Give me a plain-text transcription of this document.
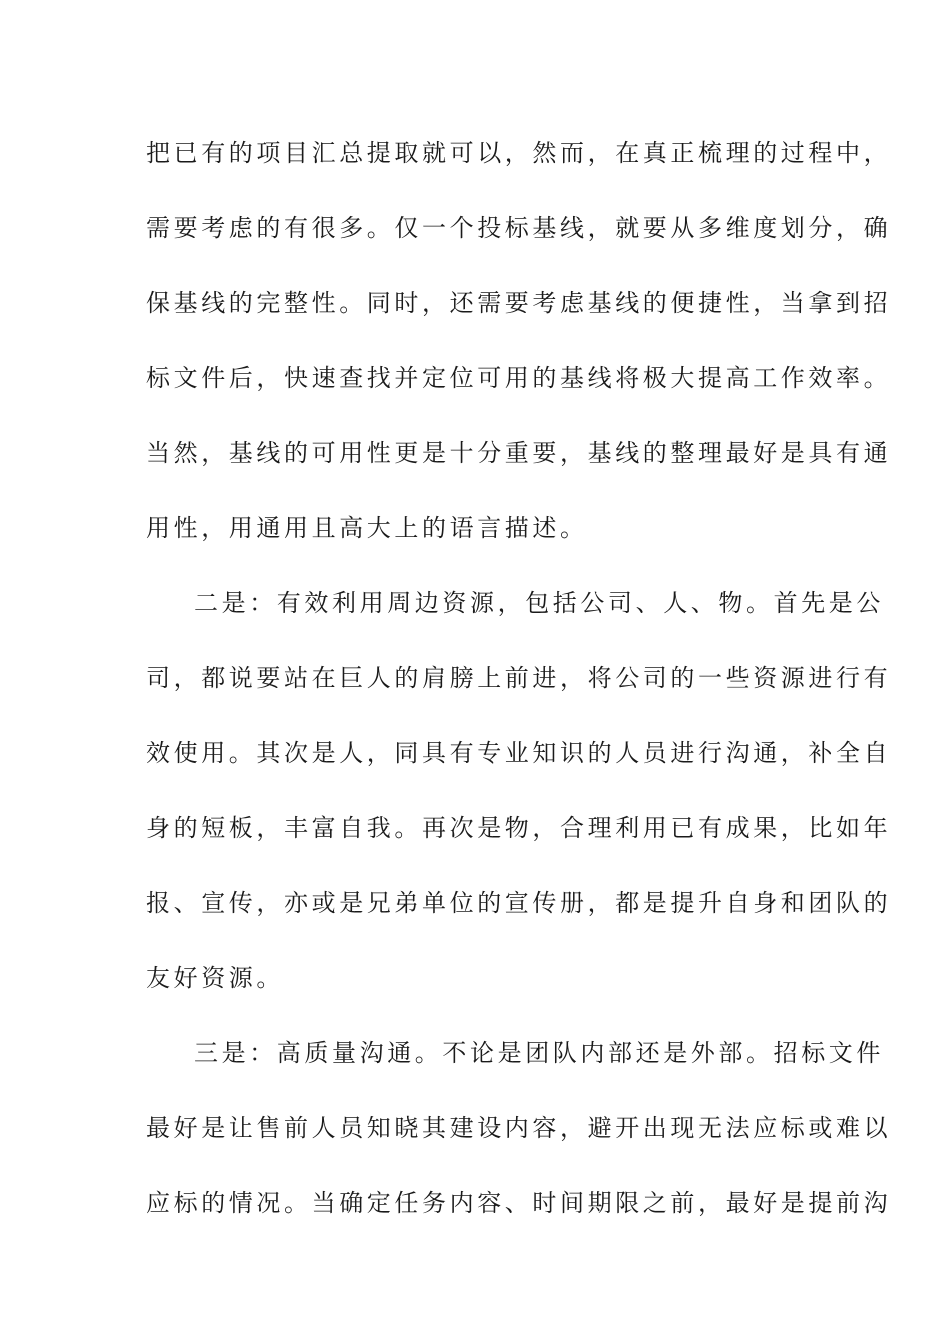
把已有的项目汇总提取就可以，然而，在真正梳理的过程中，
需要考虑的有很多。仅一个投标基线，就要从多维度划分，确
保基线的完整性。同时，还需要考虑基线的便捷性，当拿到招
标文件后，快速查找并定位可用的基线将极大提高工作效率。
当然，基线的可用性更是十分重要，基线的整理最好是具有通
用性，用通用且高大上的语言描述。
二是：有效利用周边资源，包括公司、人、物。首先是公
司，都说要站在巨人的肩膀上前进，将公司的一些资源进行有
效使用。其次是人，同具有专业知识的人员进行沟通，补全自
身的短板，丰富自我。再次是物，合理利用已有成果，比如年
报、宣传，亦或是兄弟单位的宣传册，都是提升自身和团队的
友好资源。
三是：高质量沟通。不论是团队内部还是外部。招标文件
最好是让售前人员知晓其建设内容，避开出现无法应标或难以
应标的情况。当确定任务内容、时间期限之前，最好是提前沟
